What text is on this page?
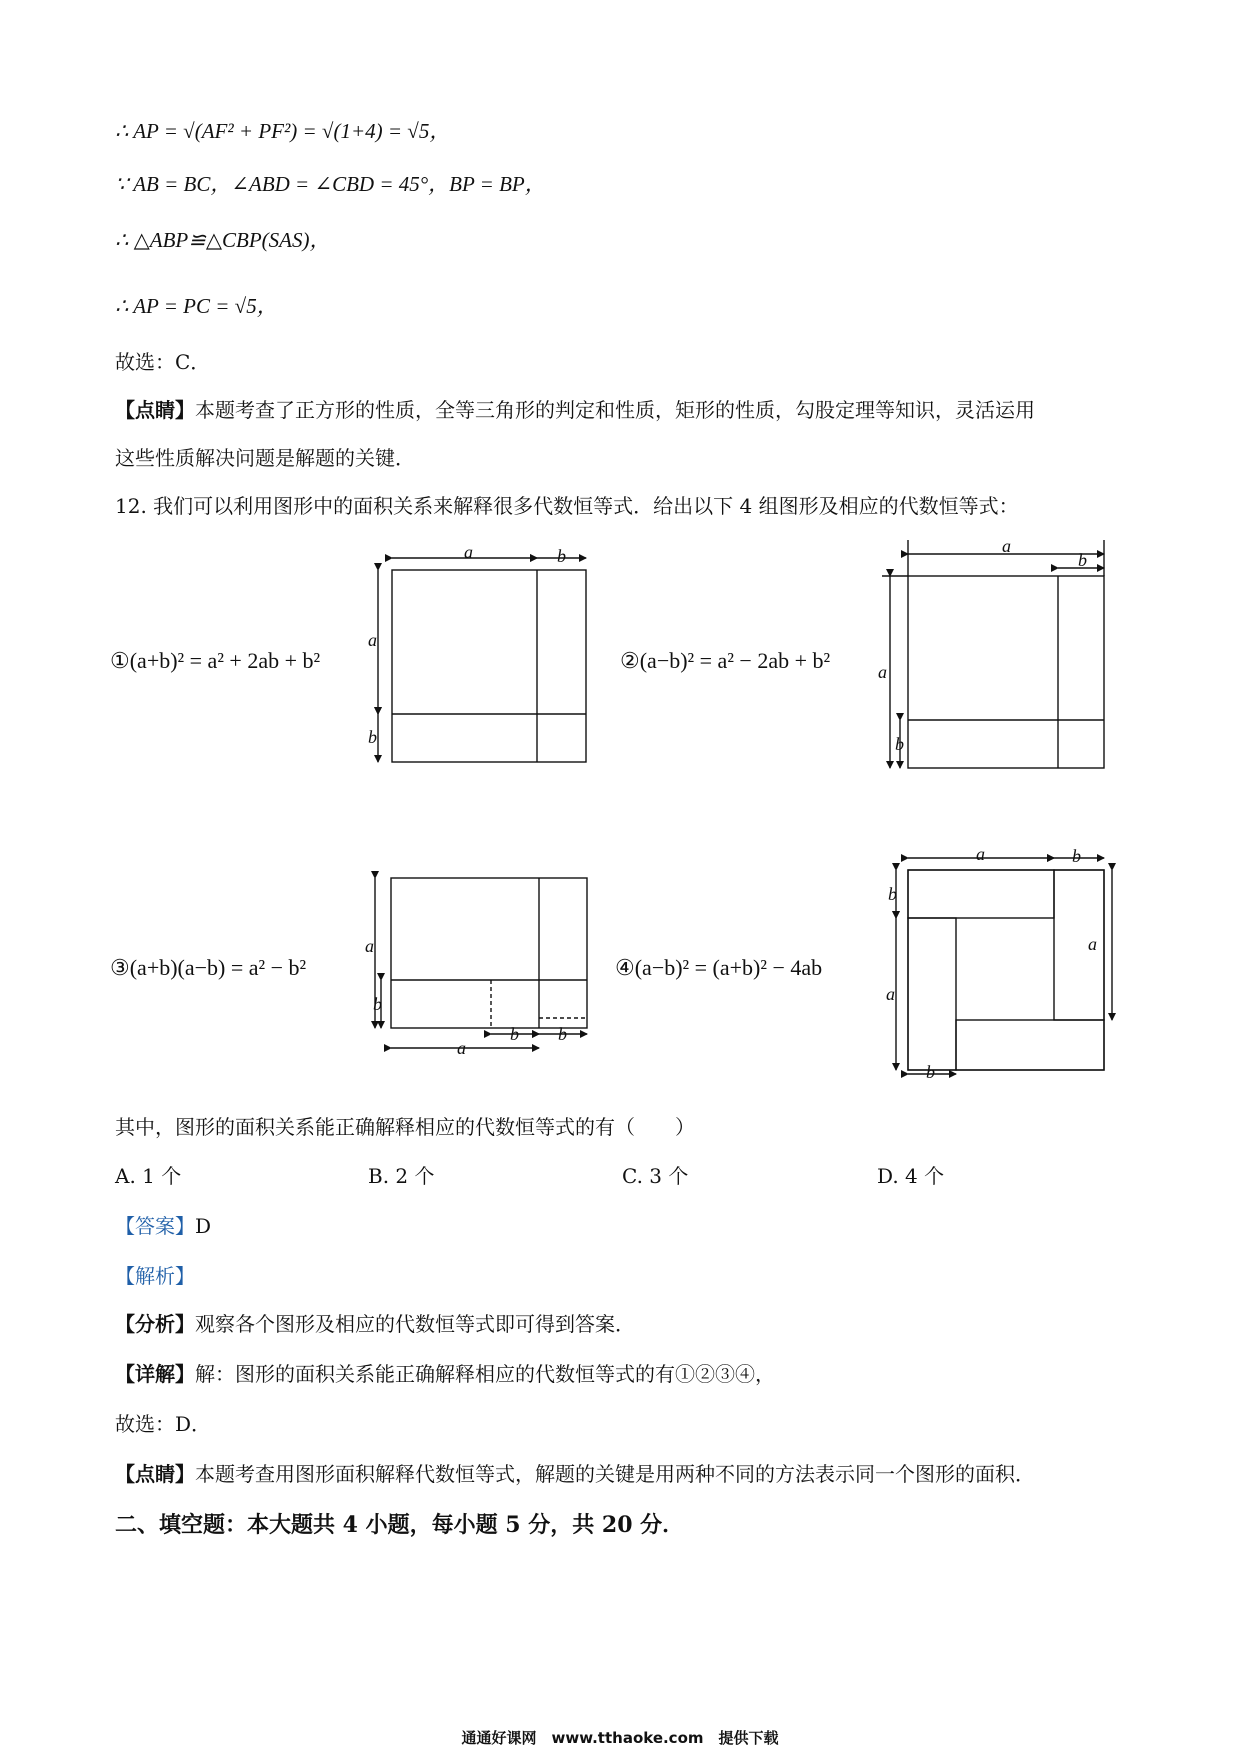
∴ AP = √(AF² + PF²) = √(1+4) = √5，
∵ AB = BC，∠ABD = ∠CBD = 45°，BP = BP，
∴ △ABP≌△CBP(SAS)，
∴ AP = PC = √5，
故选：C．
【点睛】本题考查了正方形的性质，全等三角形的判定和性质，矩形的性质，勾股定理等知识，灵活运用
这些性质解决问题是解题的关键．
12. 我们可以利用图形中的面积关系来解释很多代数恒等式．给出以下 4 组图形及相应的代数恒等式：
①(a+b)² = a² + 2ab + b²
a	b
a
b
②(a−b)² = a² − 2ab + b²
a
b
a
b
③(a+b)(a−b) = a² − b²
a
b
a
b b
④(a−b)² = (a+b)² − 4ab
a	b
b
a
a
b
其中，图形的面积关系能正确解释相应的代数恒等式的有（　　）
A. 1 个	B. 2 个	C. 3 个	D. 4 个
【答案】D
【解析】
【分析】观察各个图形及相应的代数恒等式即可得到答案．
【详解】解：图形的面积关系能正确解释相应的代数恒等式的有①②③④，
故选：D．
【点睛】本题考查用图形面积解释代数恒等式，解题的关键是用两种不同的方法表示同一个图形的面积．
二、填空题：本大题共 4 小题，每小题 5 分，共 20 分．
通通好课网　www.tthaoke.com　提供下载
